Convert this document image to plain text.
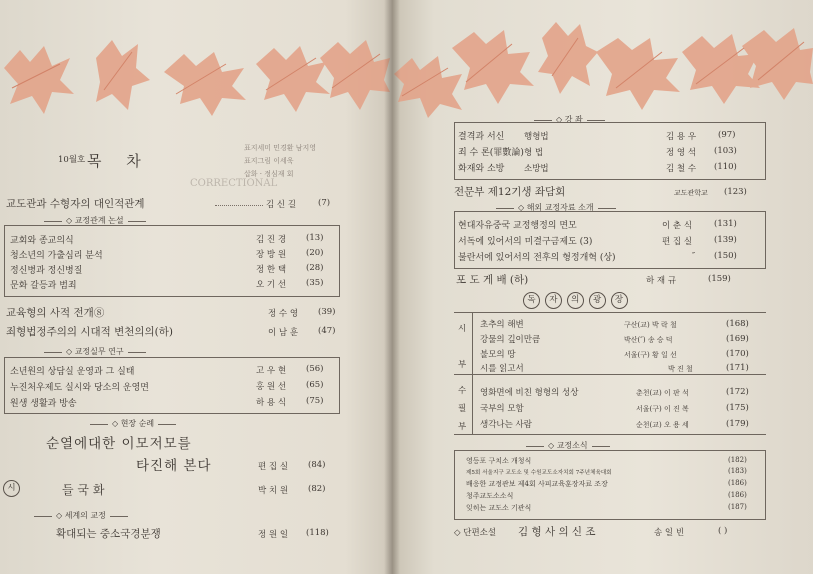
목 차
10월호
표지세미 민경환 남지영
표지그림 이세욱
삽화 · 정심재 회
CORRECTIONAL
교도관과 수형자의 대인적관계	김 신 길	(7)
◇ 교정관계 논설
교회와 종교의식	김 진 경 (13)
청소년의 가출심리 분석	장 방 원 (20)
정신병과 정신병질	정 한 택 (28)
문화 갈등과 범죄	오 기 선 (35)
교육형의 사적 전개⑧	정 수 영 (39)
죄형법정주의의 시대적 변천의의(하)	이 남 훈 (47)
◇ 교정실무 연구
소년원의 상담실 운영과 그 실태	고 우 현 (56)
누진처우제도 실시와 당소의 운영면	홍 원 선 (65)
원생 생활과 방송	하 용 식 (75)
◇ 현장 순례
순열에대한 이모저모를
타진해 본다	편 집 실 (84)
시	들 국 화	박 치 원 (82)
◇ 세계의 교정
확대되는 중소국경분쟁	정 원 일 (118)
◇ 강 좌
결격과 서신 행형법	김 용 우	(97)
죄 수 론(罪數論) 형 법	정 영 석 (103)
화재와 소방 소방법	김 철 수 (110)
전문부 제12기생 좌담회	교도관학교 (123)
◇ 해외 교정자료 소개
현대자유중국 교정행정의 면모	이 춘 식	(131)
서독에 있어서의 미결구금제도 (3)	편 집 실	(139)
불란서에 있어서의 전후의 형정개혁 (상)	″ (150)
포 도 게 배 (하)	하 재 규	(159)
독 자 의 광 장
시
부
초추의 해변	구산(교) 박 락 철	(168)
강물의 깊이만큼	박산(″) 송 승 덕	(169)
불모의 땅	서울(구) 황 일 선	(170)
시를 읽고서	박 진 철	(171)
수
필
부
영화면에 비친 형형의 성상	춘천(교) 이 판 석	(172)
국부의 모함	서울(구) 이 진 복	(175)
생각나는 사람	순천(교) 오 용 세	(179)
◇ 교정소식
영등포 구치소 개청식	(182)
제5회 서울지구 교도소 및 수원교도소자치회 7주년체육대회	(183)
배응한 교정관보 제4회 사피교육훈장자료 조장	(186)
청주교도소소식	(186)
잊히는 교도소 기관식	(187)
◇ 단편소설 김 형 사 의 신 조	송 일 빈	( )
